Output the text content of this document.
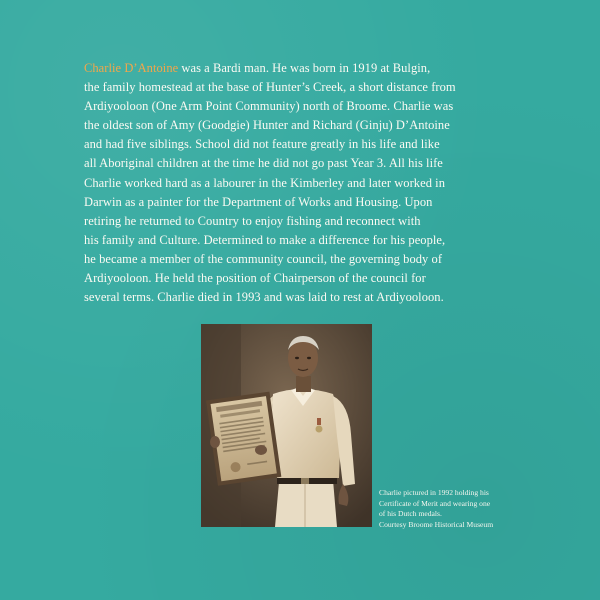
Charlie D’Antoine was a Bardi man. He was born in 1919 at Bulgin,
the family homestead at the base of Hunter’s Creek, a short distance from
Ardiyooloon (One Arm Point Community) north of Broome. Charlie was
the oldest son of Amy (Goodgie) Hunter and Richard (Ginju) D’Antoine
and had five siblings. School did not feature greatly in his life and like
all Aboriginal children at the time he did not go past Year 3. All his life
Charlie worked hard as a labourer in the Kimberley and later worked in
Darwin as a painter for the Department of Works and Housing. Upon
retiring he returned to Country to enjoy fishing and reconnect with
his family and Culture. Determined to make a difference for his people,
he became a member of the community council, the governing body of
Ardiyooloon. He held the position of Chairperson of the council for
several terms. Charlie died in 1993 and was laid to rest at Ardiyooloon.

Charlie pictured in 1992 holding his
Certificate of Merit and wearing one
of his Dutch medals.
Courtesy Broome Historical Museum
